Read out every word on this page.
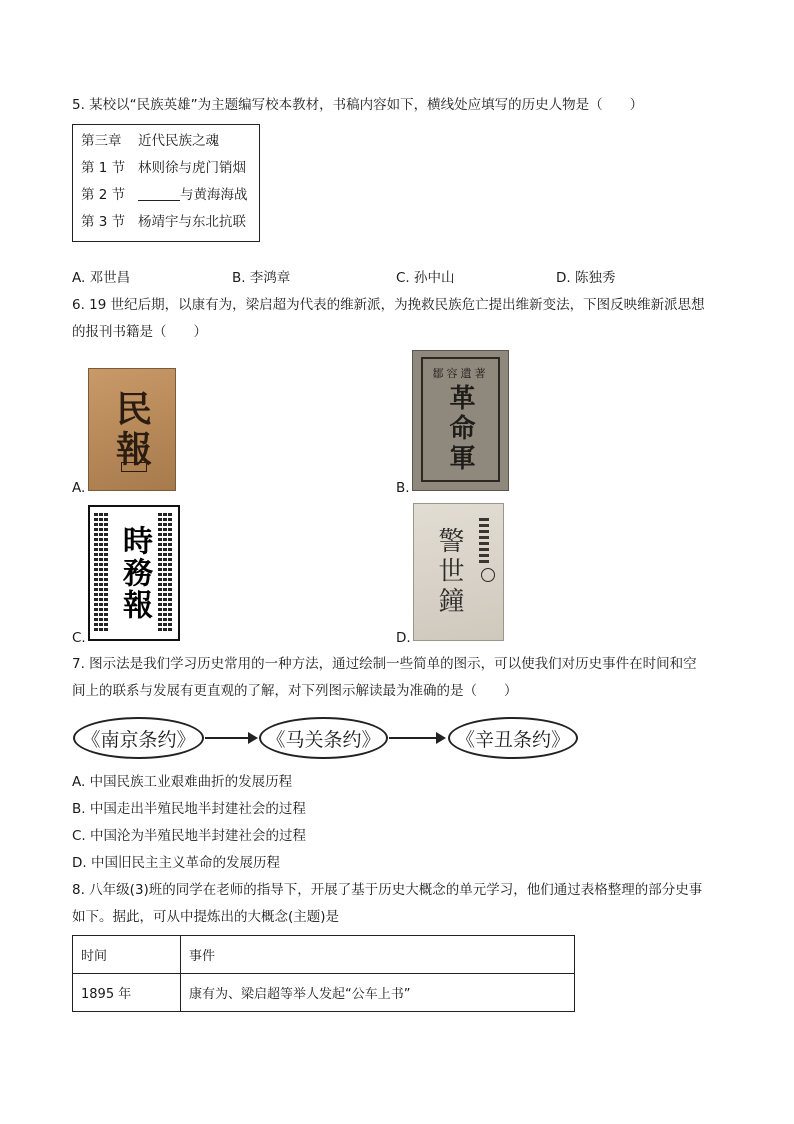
5. 某校以“民族英雄”为主题编写校本教材，书稿内容如下，横线处应填写的历史人物是（　　）
第三章 近代民族之魂
第 1 节 林则徐与虎门销烟
第 2 节	与黄海海战
第 3 节 杨靖宇与东北抗联
A. 邓世昌	B. 李鸿章	C. 孙中山	D. 陈独秀
6. 19 世纪后期，以康有为，梁启超为代表的维新派，为挽救民族危亡提出维新变法，下图反映维新派思想
的报刊书籍是（　　）
A.
民報
B.
鄒容遺著
革命軍
C.
時務報
D.
警世鐘
7. 图示法是我们学习历史常用的一种方法，通过绘制一些简单的图示，可以使我们对历史事件在时间和空
间上的联系与发展有更直观的了解，对下列图示解读最为准确的是（　　）
《南京条约》	《马关条约》	《辛丑条约》
A. 中国民族工业艰难曲折的发展历程
B. 中国走出半殖民地半封建社会的过程
C. 中国沦为半殖民地半封建社会的过程
D. 中国旧民主主义革命的发展历程
8. 八年级(3)班的同学在老师的指导下，开展了基于历史大概念的单元学习，他们通过表格整理的部分史事
如下。据此，可从中提炼出的大概念(主题)是
时间	事件
1895 年	康有为、梁启超等举人发起“公车上书”
